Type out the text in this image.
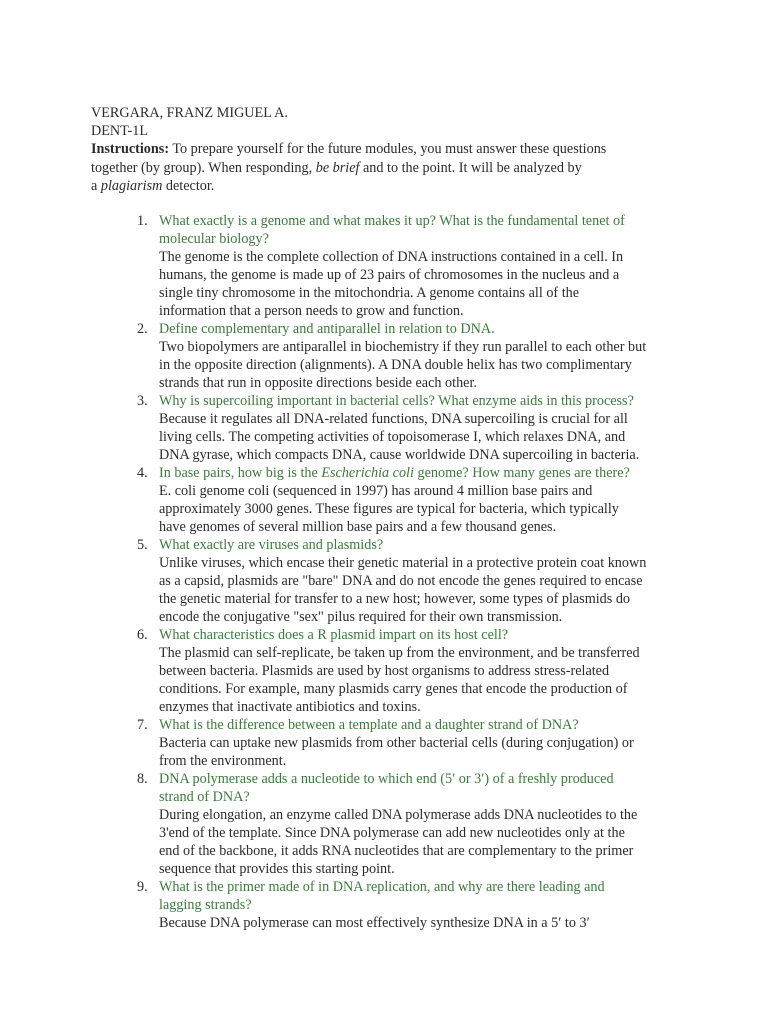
VERGARA, FRANZ MIGUEL A.
DENT-1L
Instructions: To prepare yourself for the future modules, you must answer these questions
together (by group). When responding, be brief and to the point. It will be analyzed by
a plagiarism detector.
1. What exactly is a genome and what makes it up? What is the fundamental tenet of
molecular biology?
The genome is the complete collection of DNA instructions contained in a cell. In
humans, the genome is made up of 23 pairs of chromosomes in the nucleus and a
single tiny chromosome in the mitochondria. A genome contains all of the
information that a person needs to grow and function.
2. Define complementary and antiparallel in relation to DNA.
Two biopolymers are antiparallel in biochemistry if they run parallel to each other but
in the opposite direction (alignments). A DNA double helix has two complimentary
strands that run in opposite directions beside each other.
3. Why is supercoiling important in bacterial cells? What enzyme aids in this process?
Because it regulates all DNA-related functions, DNA supercoiling is crucial for all
living cells. The competing activities of topoisomerase I, which relaxes DNA, and
DNA gyrase, which compacts DNA, cause worldwide DNA supercoiling in bacteria.
4. In base pairs, how big is the Escherichia coli genome? How many genes are there?
E. coli genome coli (sequenced in 1997) has around 4 million base pairs and
approximately 3000 genes. These figures are typical for bacteria, which typically
have genomes of several million base pairs and a few thousand genes.
5. What exactly are viruses and plasmids?
Unlike viruses, which encase their genetic material in a protective protein coat known
as a capsid, plasmids are "bare" DNA and do not encode the genes required to encase
the genetic material for transfer to a new host; however, some types of plasmids do
encode the conjugative "sex" pilus required for their own transmission.
6. What characteristics does a R plasmid impart on its host cell?
The plasmid can self-replicate, be taken up from the environment, and be transferred
between bacteria. Plasmids are used by host organisms to address stress-related
conditions. For example, many plasmids carry genes that encode the production of
enzymes that inactivate antibiotics and toxins.
7. What is the difference between a template and a daughter strand of DNA?
Bacteria can uptake new plasmids from other bacterial cells (during conjugation) or
from the environment.
8. DNA polymerase adds a nucleotide to which end (5′ or 3′) of a freshly produced
strand of DNA?
During elongation, an enzyme called DNA polymerase adds DNA nucleotides to the
3'end of the template. Since DNA polymerase can add new nucleotides only at the
end of the backbone, it adds RNA nucleotides that are complementary to the primer
sequence that provides this starting point.
9. What is the primer made of in DNA replication, and why are there leading and
lagging strands?
Because DNA polymerase can most effectively synthesize DNA in a 5′ to 3′
